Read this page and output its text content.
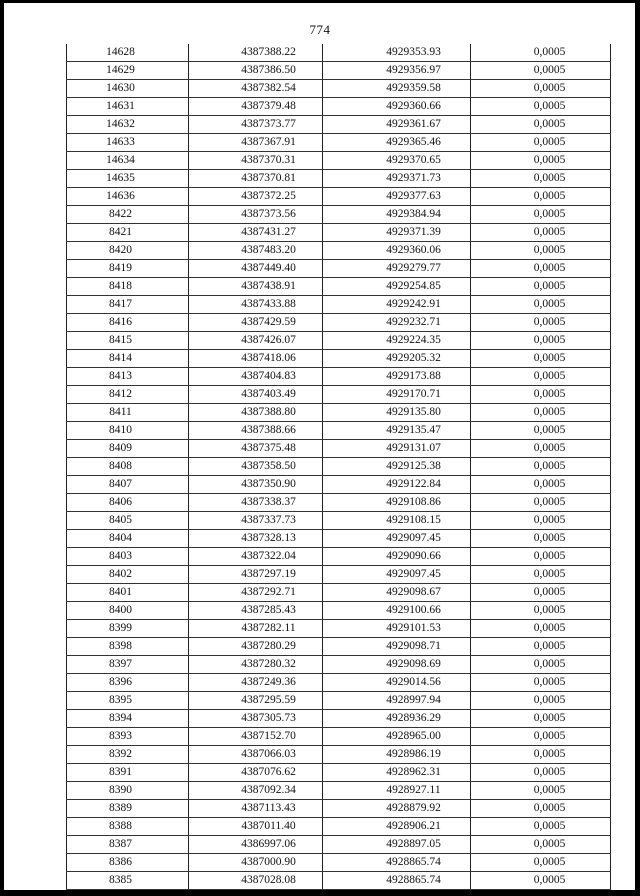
774
14628	4387388.22	4929353.93	0,0005
14629	4387386.50	4929356.97	0,0005
14630	4387382.54	4929359.58	0,0005
14631	4387379.48	4929360.66	0,0005
14632	4387373.77	4929361.67	0,0005
14633	4387367.91	4929365.46	0,0005
14634	4387370.31	4929370.65	0,0005
14635	4387370.81	4929371.73	0,0005
14636	4387372.25	4929377.63	0,0005
8422	4387373.56	4929384.94	0,0005
8421	4387431.27	4929371.39	0,0005
8420	4387483.20	4929360.06	0,0005
8419	4387449.40	4929279.77	0,0005
8418	4387438.91	4929254.85	0,0005
8417	4387433.88	4929242.91	0,0005
8416	4387429.59	4929232.71	0,0005
8415	4387426.07	4929224.35	0,0005
8414	4387418.06	4929205.32	0,0005
8413	4387404.83	4929173.88	0,0005
8412	4387403.49	4929170.71	0,0005
8411	4387388.80	4929135.80	0,0005
8410	4387388.66	4929135.47	0,0005
8409	4387375.48	4929131.07	0,0005
8408	4387358.50	4929125.38	0,0005
8407	4387350.90	4929122.84	0,0005
8406	4387338.37	4929108.86	0,0005
8405	4387337.73	4929108.15	0,0005
8404	4387328.13	4929097.45	0,0005
8403	4387322.04	4929090.66	0,0005
8402	4387297.19	4929097.45	0,0005
8401	4387292.71	4929098.67	0,0005
8400	4387285.43	4929100.66	0,0005
8399	4387282.11	4929101.53	0,0005
8398	4387280.29	4929098.71	0,0005
8397	4387280.32	4929098.69	0,0005
8396	4387249.36	4929014.56	0,0005
8395	4387295.59	4928997.94	0,0005
8394	4387305.73	4928936.29	0,0005
8393	4387152.70	4928965.00	0,0005
8392	4387066.03	4928986.19	0,0005
8391	4387076.62	4928962.31	0,0005
8390	4387092.34	4928927.11	0,0005
8389	4387113.43	4928879.92	0,0005
8388	4387011.40	4928906.21	0,0005
8387	4386997.06	4928897.05	0,0005
8386	4387000.90	4928865.74	0,0005
8385	4387028.08	4928865.74	0,0005
